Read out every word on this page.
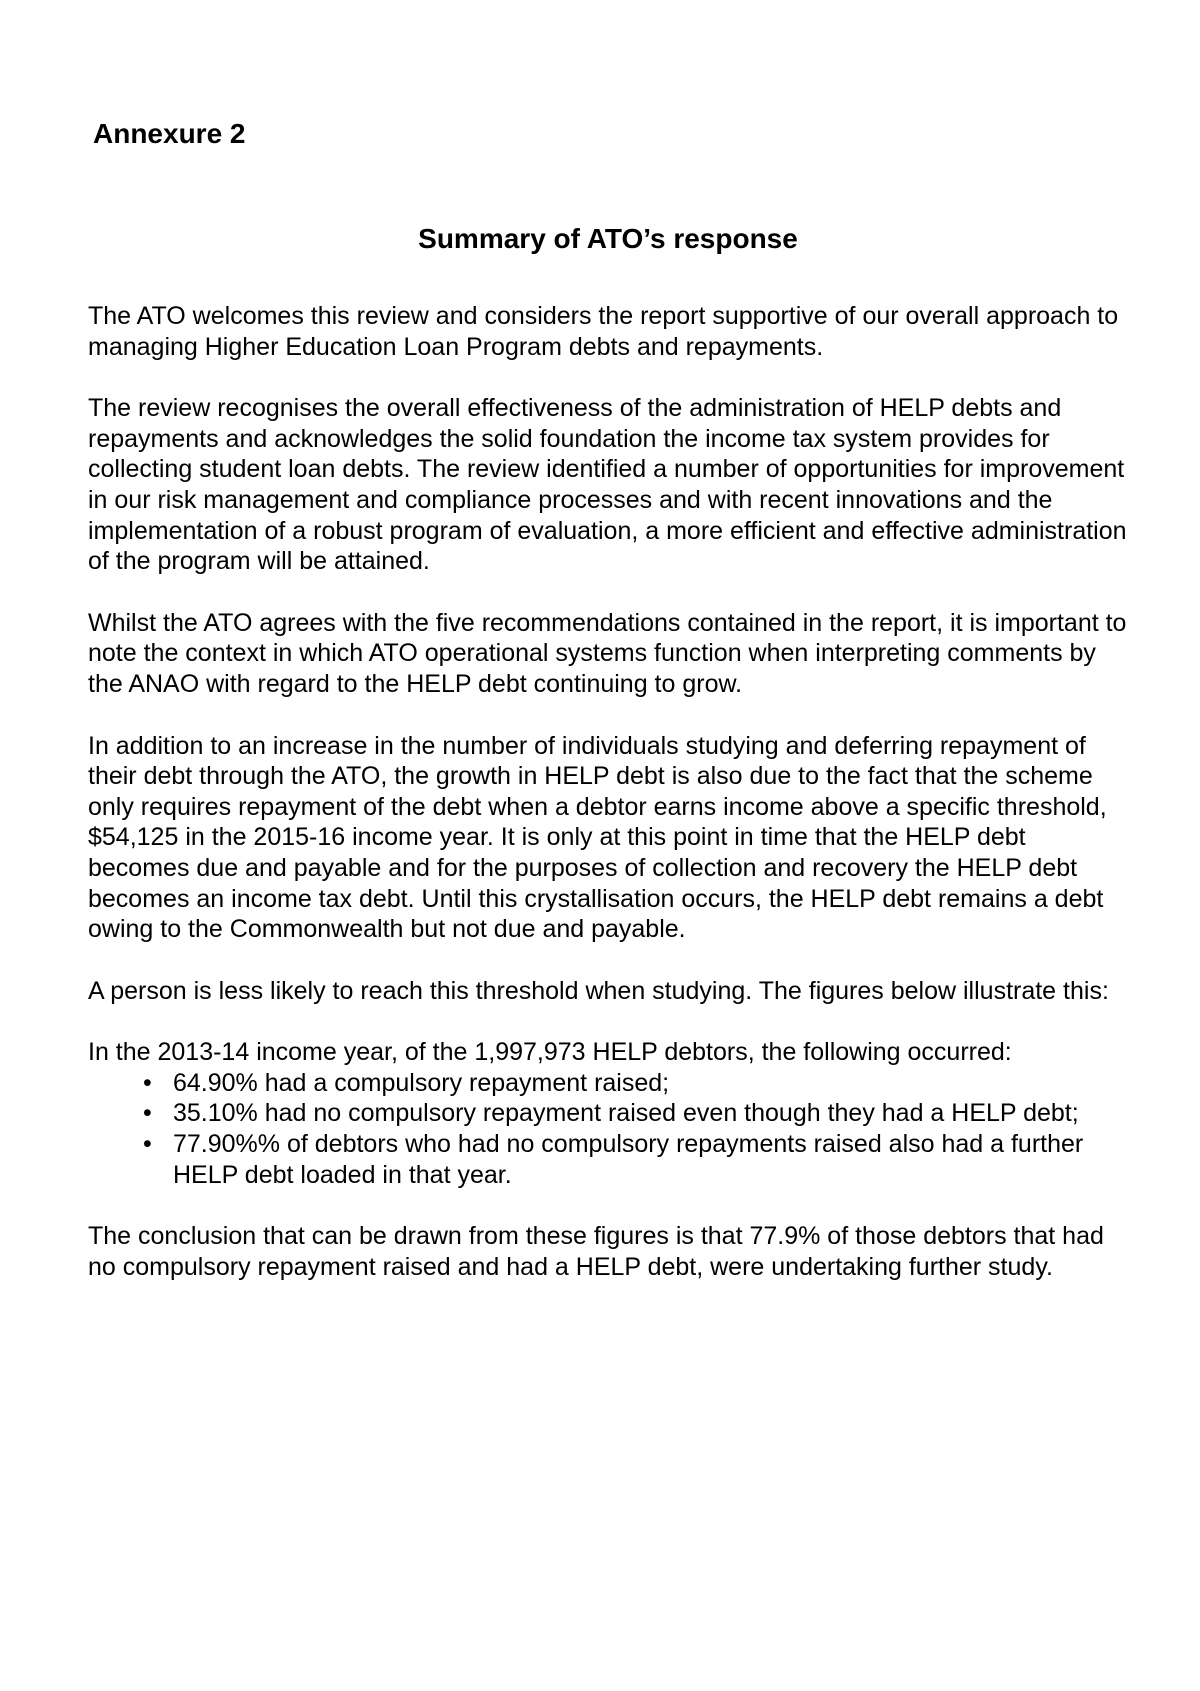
Annexure 2
Summary of ATO’s response

The ATO welcomes this review and considers the report supportive of our overall approach to managing Higher Education Loan Program debts and repayments.

The review recognises the overall effectiveness of the administration of HELP debts and repayments and acknowledges the solid foundation the income tax system provides for collecting student loan debts. The review identified a number of opportunities for improvement in our risk management and compliance processes and with recent innovations and the implementation of a robust program of evaluation, a more efficient and effective administration of the program will be attained.

Whilst the ATO agrees with the five recommendations contained in the report, it is important to note the context in which ATO operational systems function when interpreting comments by the ANAO with regard to the HELP debt continuing to grow.

In addition to an increase in the number of individuals studying and deferring repayment of their debt through the ATO, the growth in HELP debt is also due to the fact that the scheme only requires repayment of the debt when a debtor earns income above a specific threshold, $54,125 in the 2015-16 income year. It is only at this point in time that the HELP debt becomes due and payable and for the purposes of collection and recovery the HELP debt becomes an income tax debt. Until this crystallisation occurs, the HELP debt remains a debt owing to the Commonwealth but not due and payable.

A person is less likely to reach this threshold when studying. The figures below illustrate this:

In the 2013-14 income year, of the 1,997,973 HELP debtors, the following occurred:
• 64.90% had a compulsory repayment raised;
• 35.10% had no compulsory repayment raised even though they had a HELP debt;
• 77.90%% of debtors who had no compulsory repayments raised also had a further HELP debt loaded in that year.

The conclusion that can be drawn from these figures is that 77.9% of those debtors that had no compulsory repayment raised and had a HELP debt, were undertaking further study.
